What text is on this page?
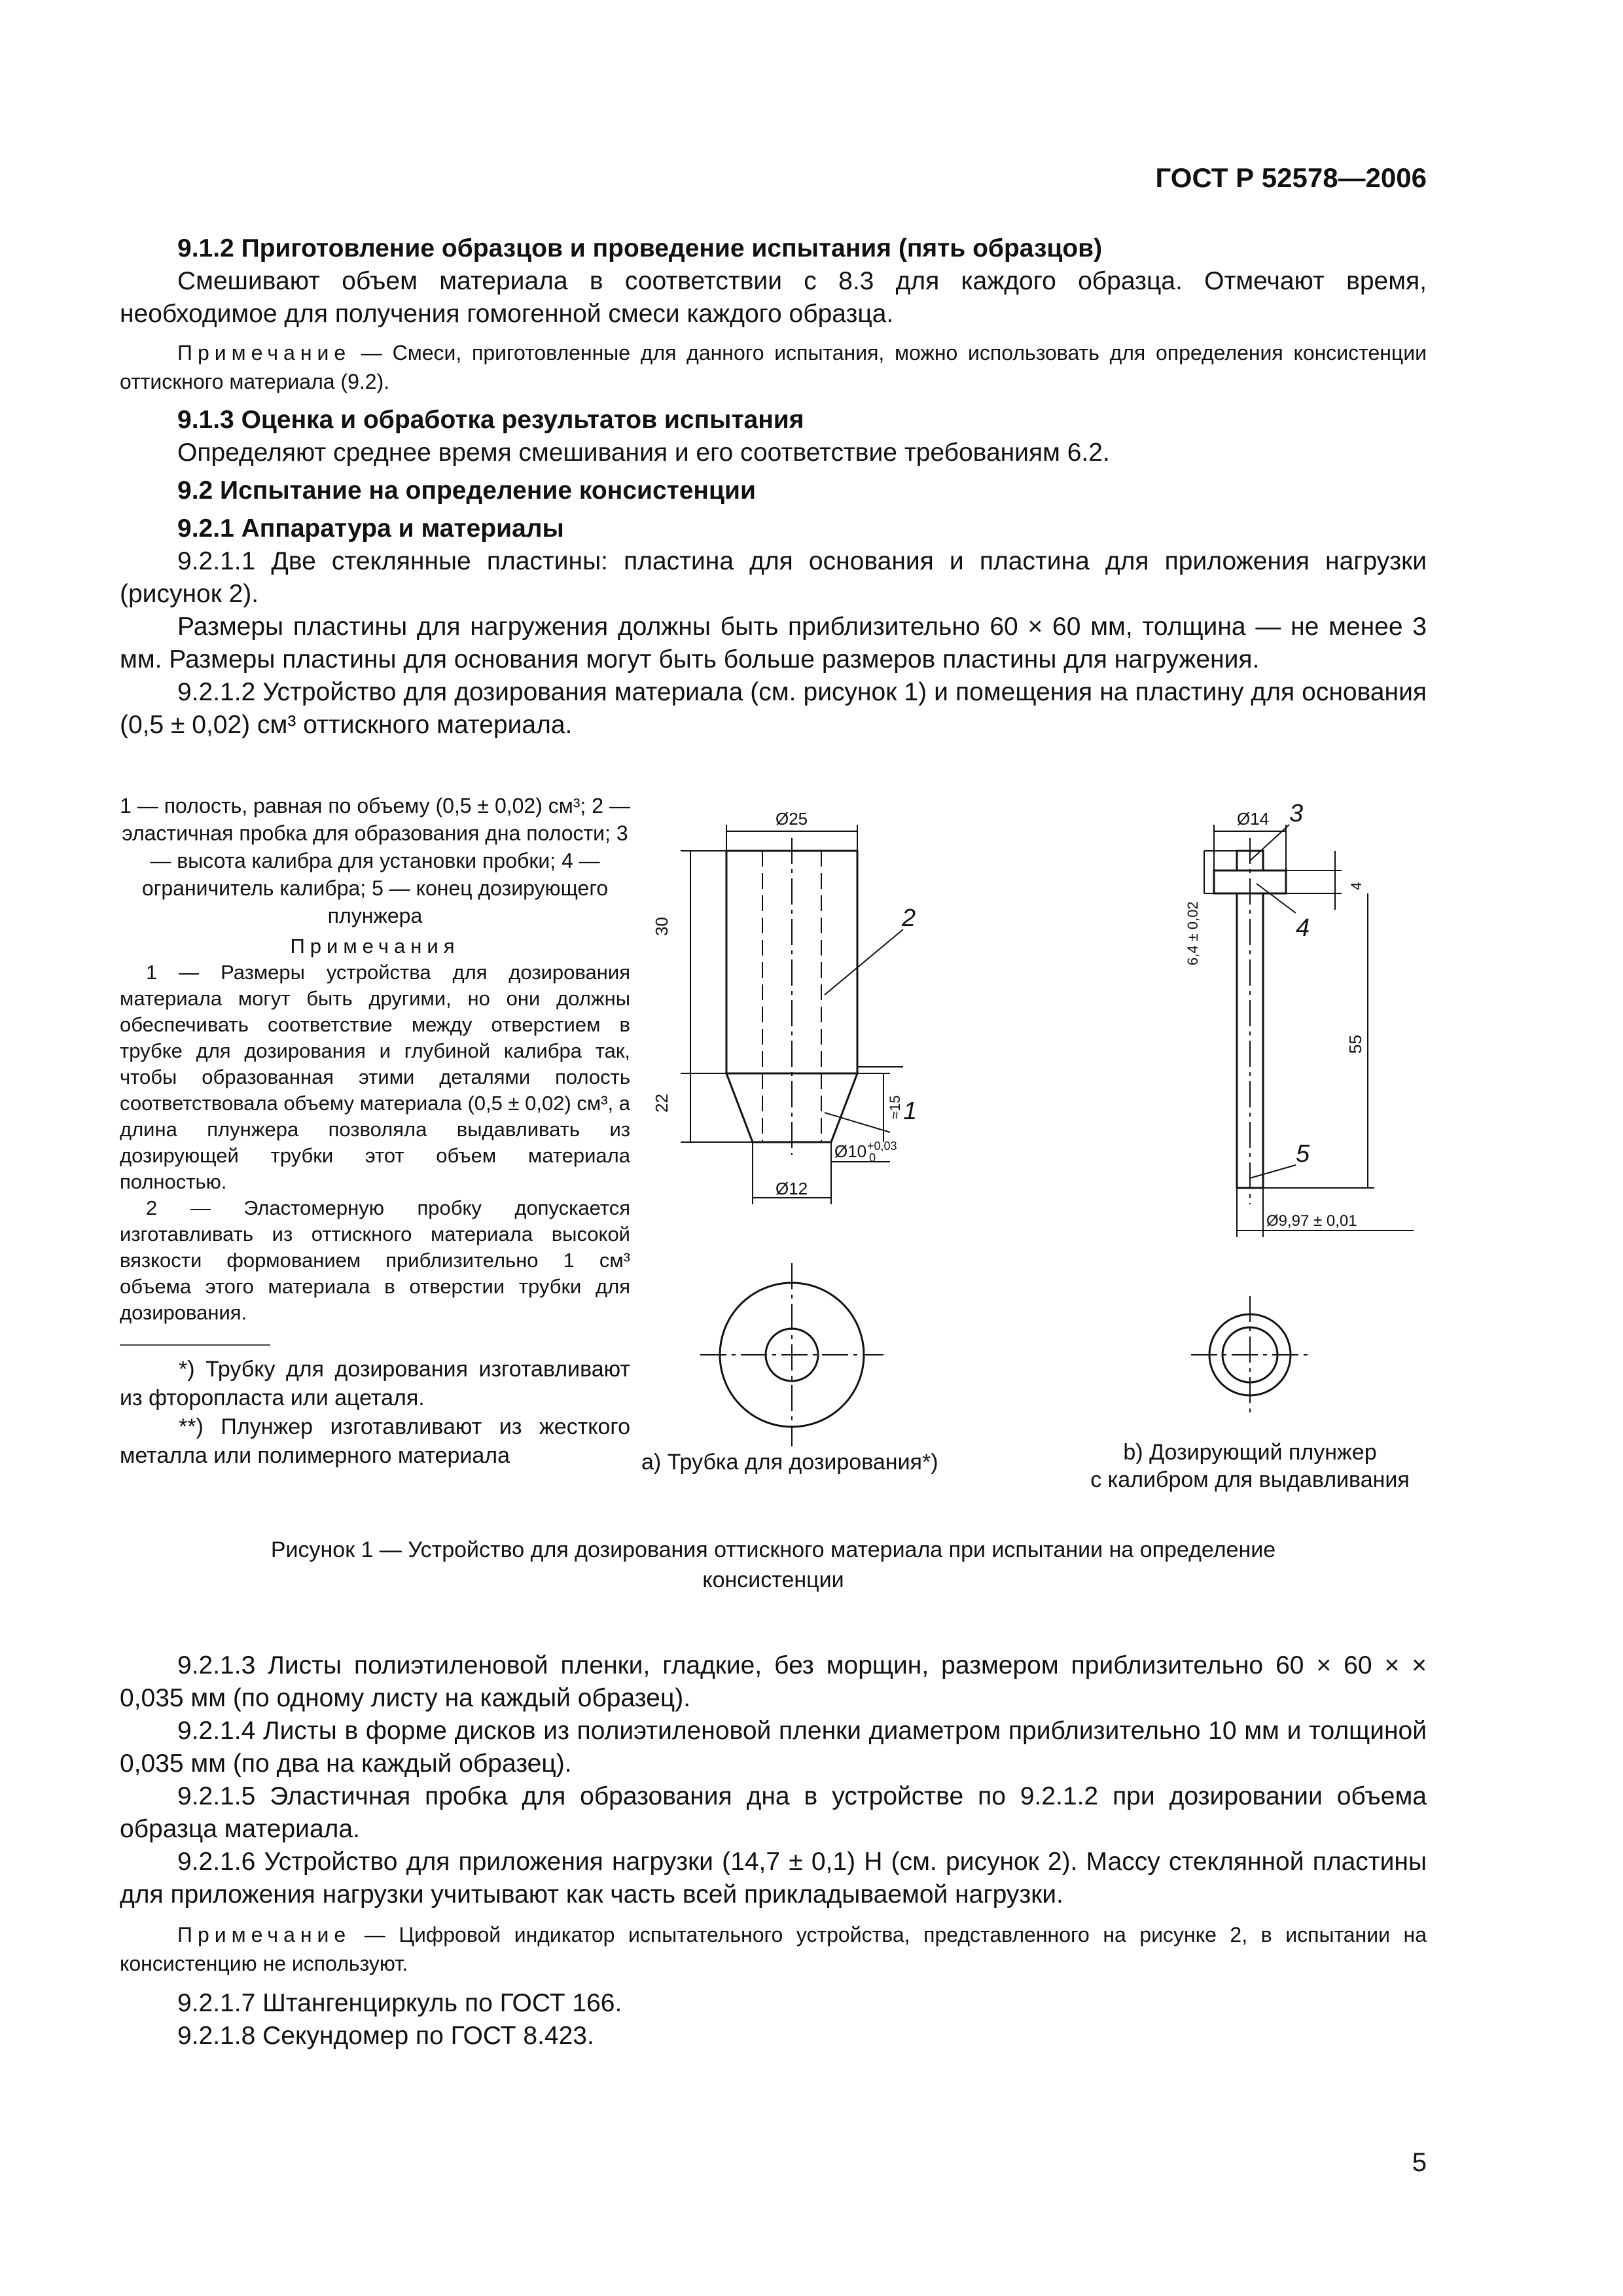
ГОСТ Р 52578—2006

9.1.2 Приготовление образцов и проведение испытания (пять образцов)

Смешивают объем материала в соответствии с 8.3 для каждого образца. Отмечают время, необходимое для получения гомогенной смеси каждого образца.

Примечание — Смеси, приготовленные для данного испытания, можно использовать для определения консистенции оттискного материала (9.2).

9.1.3 Оценка и обработка результатов испытания

Определяют среднее время смешивания и его соответствие требованиям 6.2.

9.2 Испытание на определение консистенции

9.2.1 Аппаратура и материалы

9.2.1.1 Две стеклянные пластины: пластина для основания и пластина для приложения нагрузки (рисунок 2).

Размеры пластины для нагружения должны быть приблизительно 60 × 60 мм, толщина — не менее 3 мм. Размеры пластины для основания могут быть больше размеров пластины для нагружения.

9.2.1.2 Устройство для дозирования материала (см. рисунок 1) и помещения на пластину для основания (0,5 ± 0,02) см³ оттискного материала.

1 — полость, равная по объему (0,5 ± 0,02) см³; 2 — эластичная пробка для образования дна полости; 3 — высота калибра для установки пробки; 4 — ограничитель калибра; 5 — конец дозирующего плунжера

Примечания

1 — Размеры устройства для дозирования материала могут быть другими, но они должны обеспечивать соответствие между отверстием в трубке для дозирования и глубиной калибра так, чтобы образованная этими деталями полость соответствовала объему материала (0,5 ± 0,02) см³, а длина плунжера позволяла выдавливать из дозирующей трубки этот объем материала полностью.

2 — Эластомерную пробку допускается изготавливать из оттискного материала высокой вязкости формованием приблизительно 1 см³ объема этого материала в отверстии трубки для дозирования.

*) Трубку для дозирования изготавливают из фторопласта или ацеталя.

**) Плунжер изготавливают из жесткого металла или полимерного материала

Ø25
30
22	≈15
Ø10 +0,03
0
Ø12
1
2
Ø14
6,4 ± 0,02
4
55
Ø9,97 ± 0,01
3
4
5
a) Трубка для дозирования*)	b) Дозирующий плунжер
с калибром для выдавливания
Рисунок 1 — Устройство для дозирования оттискного материала при испытании на определение
консистенции

9.2.1.3 Листы полиэтиленовой пленки, гладкие, без морщин, размером приблизительно 60 × 60 × × 0,035 мм (по одному листу на каждый образец).

9.2.1.4 Листы в форме дисков из полиэтиленовой пленки диаметром приблизительно 10 мм и толщиной 0,035 мм (по два на каждый образец).

9.2.1.5 Эластичная пробка для образования дна в устройстве по 9.2.1.2 при дозировании объема образца материала.

9.2.1.6 Устройство для приложения нагрузки (14,7 ± 0,1) Н (см. рисунок 2). Массу стеклянной пластины для приложения нагрузки учитывают как часть всей прикладываемой нагрузки.

Примечание — Цифровой индикатор испытательного устройства, представленного на рисунке 2, в испытании на консистенцию не используют.

9.2.1.7 Штангенциркуль по ГОСТ 166.

9.2.1.8 Секундомер по ГОСТ 8.423.

5
